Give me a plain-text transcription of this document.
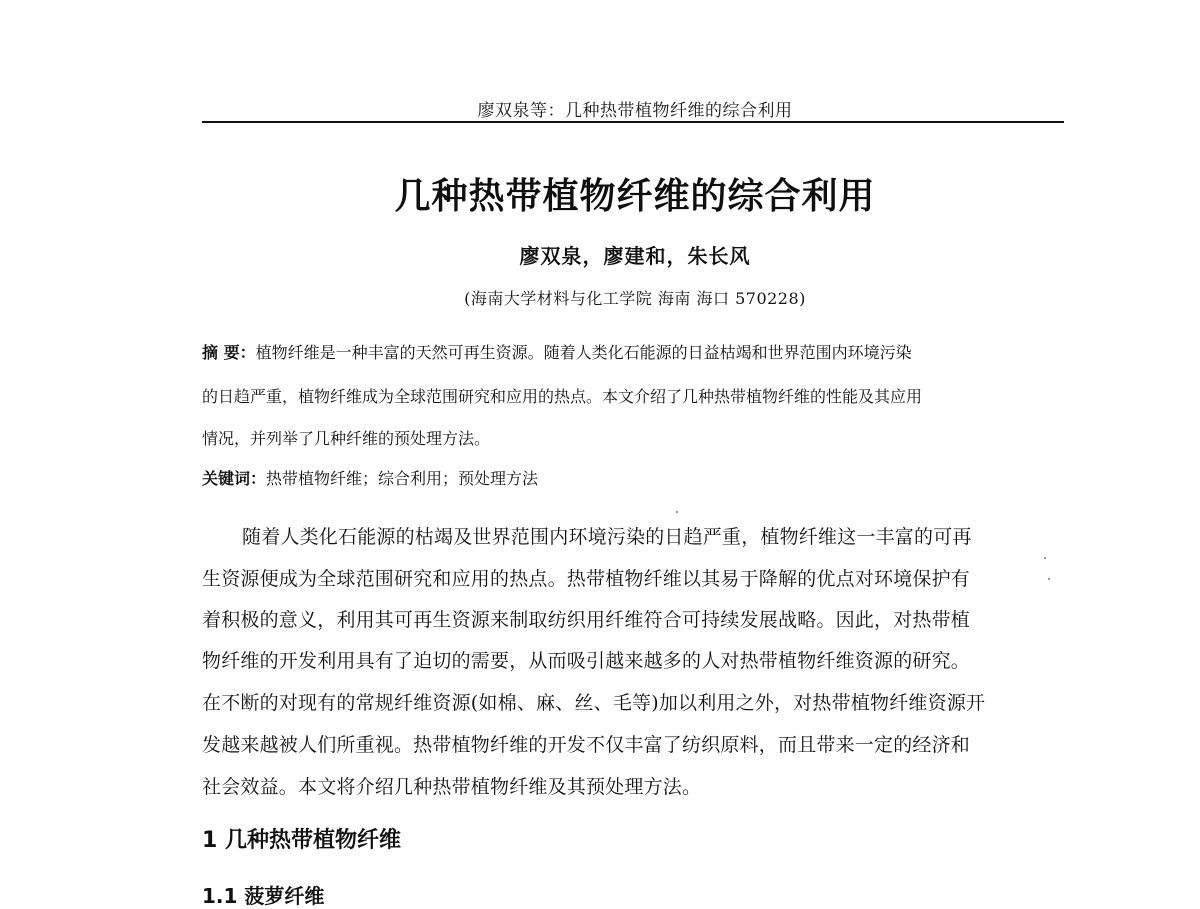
廖双泉等：几种热带植物纤维的综合利用
几种热带植物纤维的综合利用
廖双泉，廖建和，朱长风
(海南大学材料与化工学院 海南 海口 570228)
摘 要：植物纤维是一种丰富的天然可再生资源。随着人类化石能源的日益枯竭和世界范围内环境污染
的日趋严重，植物纤维成为全球范围研究和应用的热点。本文介绍了几种热带植物纤维的性能及其应用
情况，并列举了几种纤维的预处理方法。
关键词：热带植物纤维；综合利用；预处理方法
随着人类化石能源的枯竭及世界范围内环境污染的日趋严重，植物纤维这一丰富的可再
生资源便成为全球范围研究和应用的热点。热带植物纤维以其易于降解的优点对环境保护有
着积极的意义，利用其可再生资源来制取纺织用纤维符合可持续发展战略。因此，对热带植
物纤维的开发利用具有了迫切的需要，从而吸引越来越多的人对热带植物纤维资源的研究。
在不断的对现有的常规纤维资源(如棉、麻、丝、毛等)加以利用之外，对热带植物纤维资源开
发越来越被人们所重视。热带植物纤维的开发不仅丰富了纺织原料，而且带来一定的经济和
社会效益。本文将介绍几种热带植物纤维及其预处理方法。
1 几种热带植物纤维
1.1 菠萝纤维
